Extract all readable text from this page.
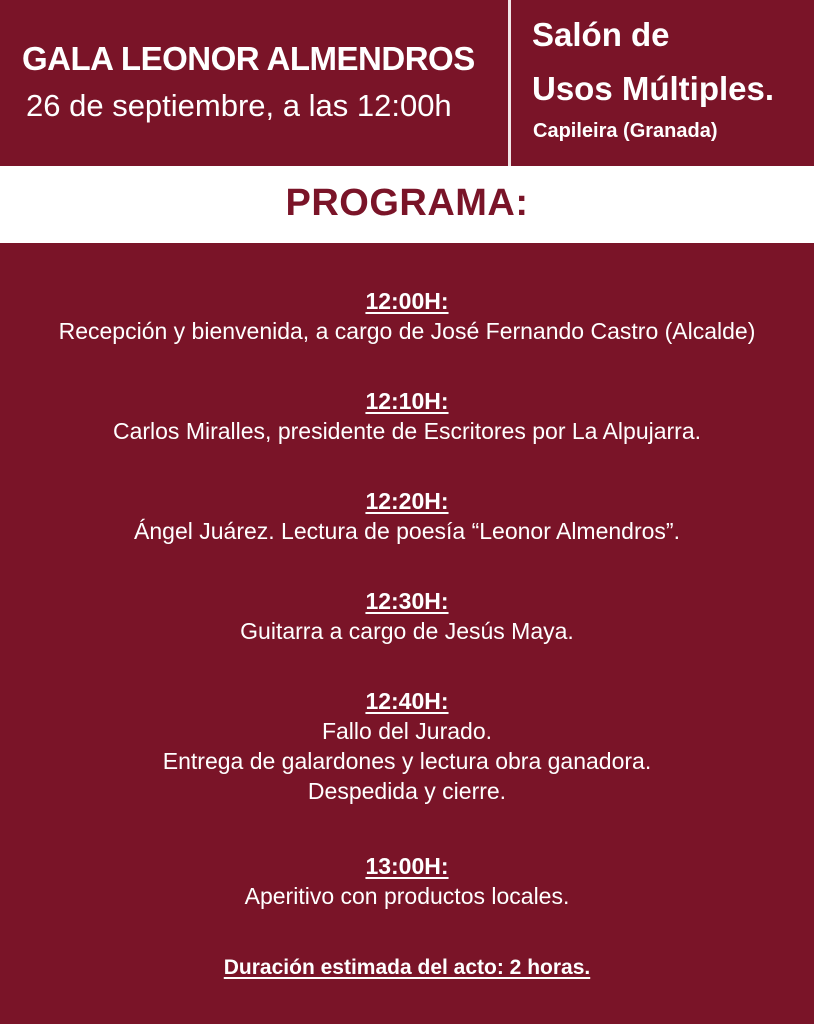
GALA LEONOR ALMENDROS
26 de septiembre, a las 12:00h
Salón de
Usos Múltiples.
Capileira (Granada)
PROGRAMA:
12:00H:
Recepción y bienvenida, a cargo de José Fernando Castro (Alcalde)
12:10H:
Carlos Miralles, presidente de Escritores por La Alpujarra.
12:20H:
Ángel Juárez. Lectura de poesía “Leonor Almendros”.
12:30H:
Guitarra a cargo de Jesús Maya.
12:40H:
Fallo del Jurado.
Entrega de galardones y lectura obra ganadora.
Despedida y cierre.
13:00H:
Aperitivo con productos locales.
Duración estimada del acto: 2 horas.
